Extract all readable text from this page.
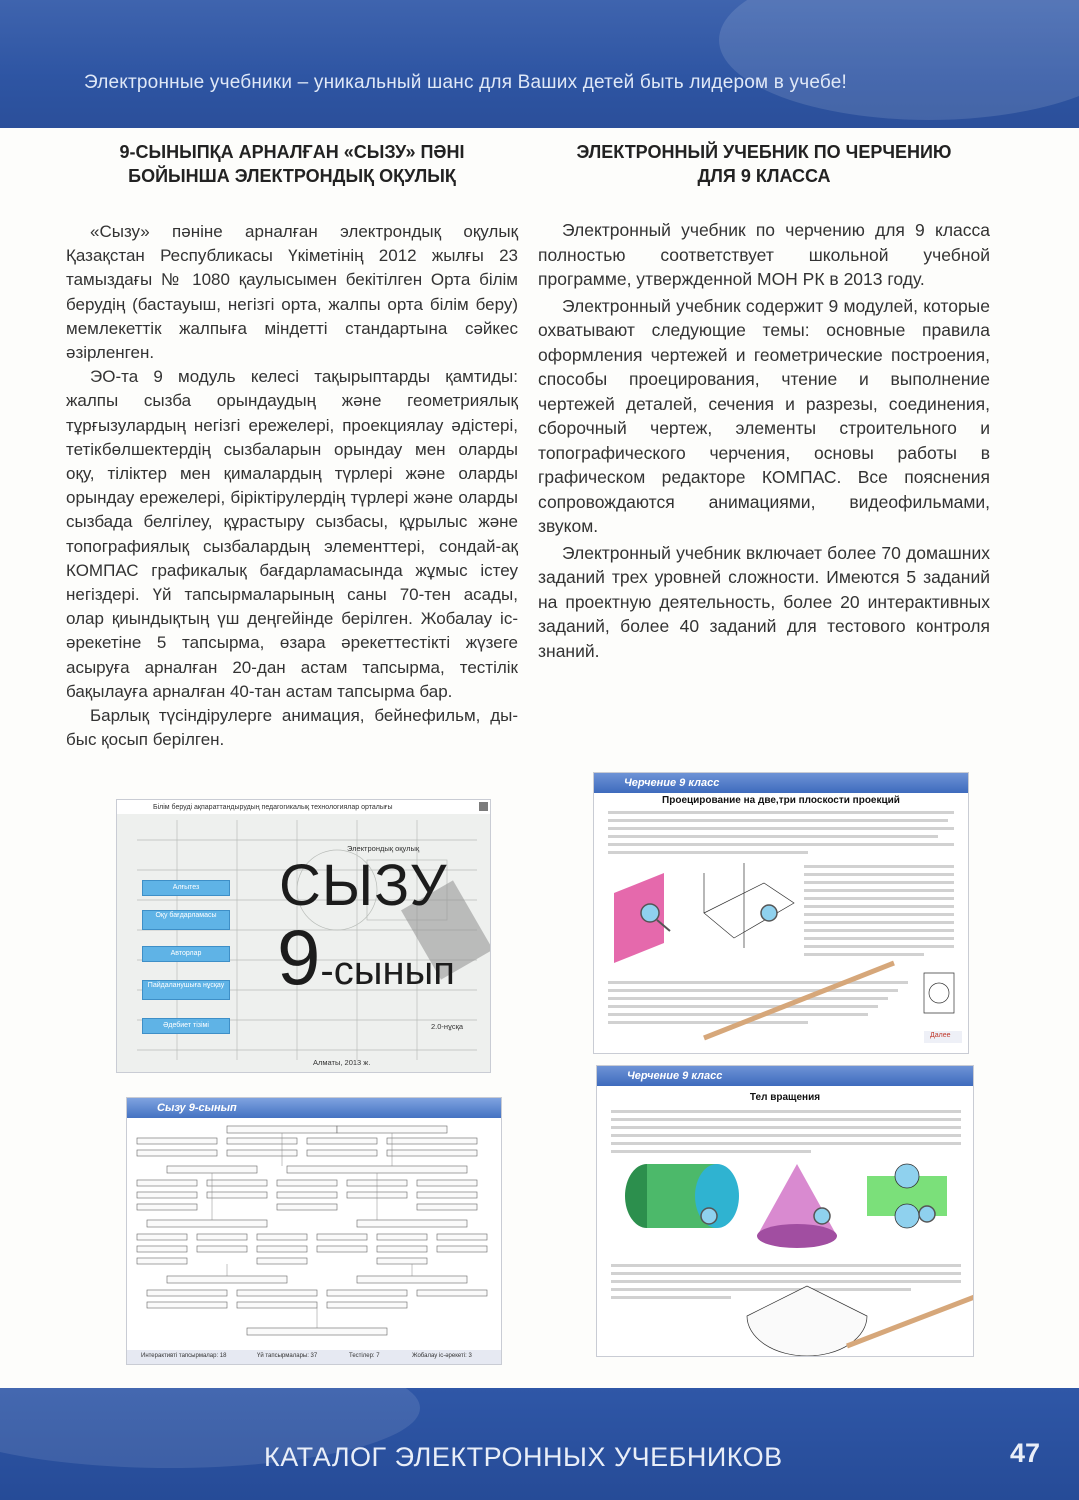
Электронные учебники – уникальный шанс для Ваших детей быть лидером в учебе!
9-СЫНЫПҚА АРНАЛҒАН «СЫЗУ» ПӘНІ
БОЙЫНША ЭЛЕКТРОНДЫҚ ОҚУЛЫҚ

«Сызу» пәніне арналған электрондық оқулық Қазақстан Республикасы Үкіметінің 2012 жылғы 23 тамыздағы № 1080 қаулысымен бекітілген Орта білім берудің (бастауыш, негізгі орта, жалпы орта білім беру) мемлекеттік жалпыға міндетті стандартына сәйкес әзірленген.

ЭО-та 9 модуль келесі тақырыптарды қамтиды: жалпы сызба орындаудың және геометриялық тұрғызулардың негізгі ережелері, проекциялау әдістері, тетікбөлшектердің сызбаларын орындау мен оларды оқу, тіліктер мен қималардың түрлері және оларды орындау ережелері, біріктірулердің түрлері және оларды сызбада белгілеу, құрастыру сызбасы, құрылыс және топографиялық сызбалардың элементтері, сондай-ақ КОМПАС графикалық бағдарламасында жұмыс істеу негіздері. Үй тапсырмаларының саны 70-тен асады, олар қиындықтың үш деңгейінде берілген. Жобалау іс-әрекетіне 5 тапсырма, өзара әрекеттестікті жүзеге асыруға арналған 20-дан астам тапсырма, тестілік бақылауға арналған 40-тан астам тапсырма бар.

Барлық түсіндірулерге анимация, бейнефильм, дыбыс қосып берілген.

ЭЛЕКТРОННЫЙ УЧЕБНИК ПО ЧЕРЧЕНИЮ
ДЛЯ 9 КЛАССА

Электронный учебник по черчению для 9 класса полностью соответствует школьной учебной программе, утвержденной МОН РК в 2013 году.

Электронный учебник содержит 9 модулей, которые охватывают следующие темы: основные правила оформления чертежей и геометрические построения, способы проецирования, чтение и выполнение чертежей деталей, сечения и разрезы, соединения, сборочный чертеж, элементы строительного и топографического черчения, основы работы в графическом редакторе КОМПАС. Все пояснения сопровождаются анимациями, видеофильмами, звуком.

Электронный учебник включает более 70 домашних заданий трех уровней сложности. Имеются 5 заданий на проектную деятельность, более 20 интерактивных заданий, более 40 заданий для тестового контроля знаний.

Білім беруді ақпараттандырудың педагогикалық технологиялар орталығы
Электрондық оқулық
СЫЗУ
9-сынып
Алғытез
Оқу бағдарламасы
Авторлар
Пайдаланушыға нұсқау
Әдебиет тізімі	2.0-нұсқа
Алматы, 2013 ж.
Сызу 9-сынып
Интерактивті тапсырмалар: 18	Үй тапсырмалары: 37	Тестілер: 7	Жобалау іс-әрекеті: 3
Черчение 9 класс
Проецирование на две,три плоскости проекций
Далее
Черчение 9 класс
Тел вращения
КАТАЛОГ ЭЛЕКТРОННЫХ УЧЕБНИКОВ	47
